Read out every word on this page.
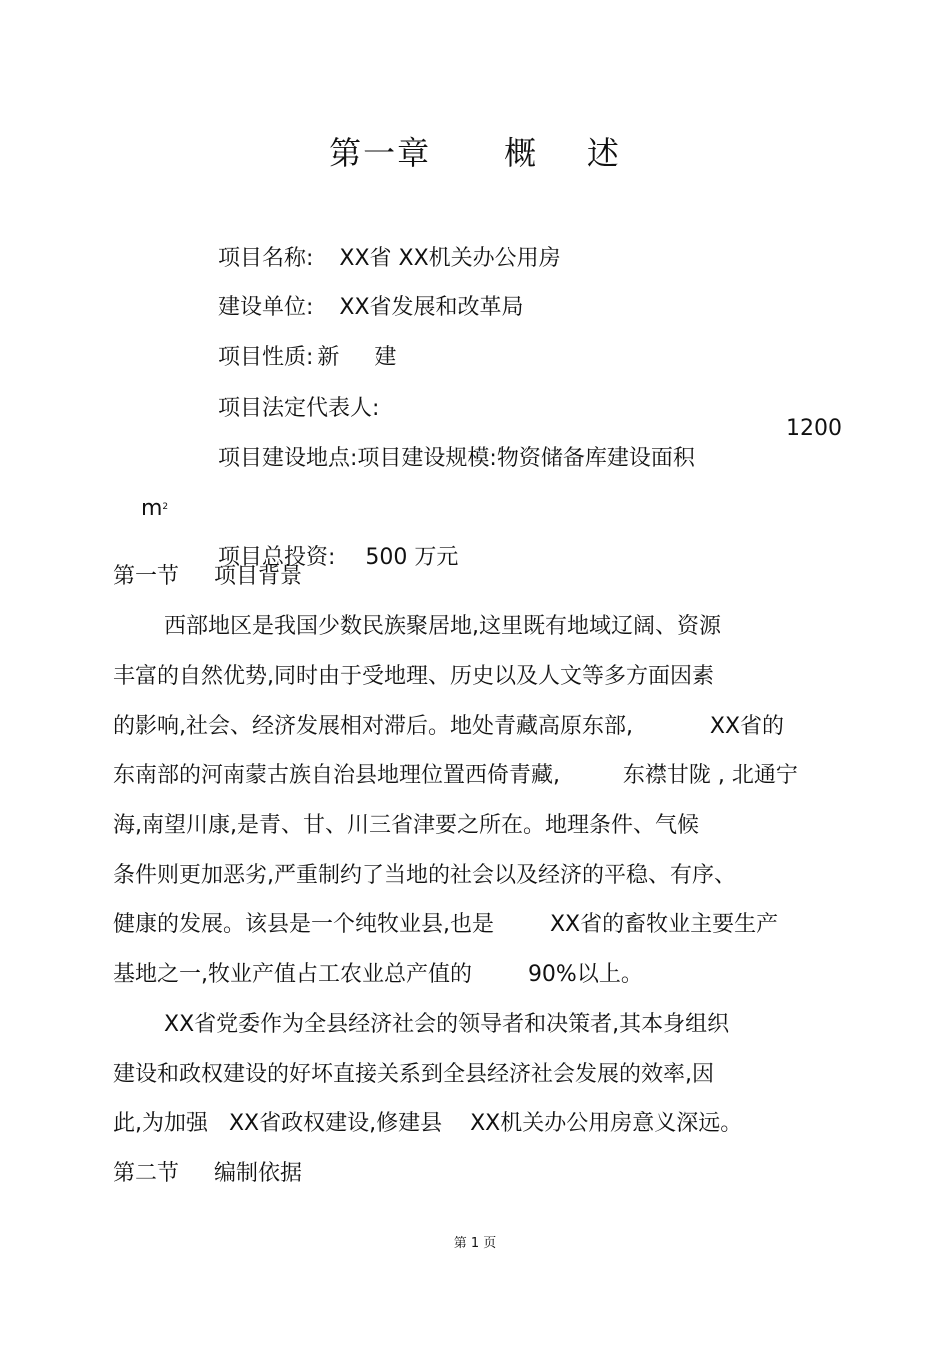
第一章      概    述

项目名称: XX省 XX机关办公用房

建设单位: XX省发展和改革局

项目性质: 新     建

项目法定代表人:

项目建设地点:项目建设规模:物资储备库建设面积

1200

$m^2$

项目总投资: 500 万元

第一节     项目背景
西部地区是我国少数民族聚居地,这里既有地域辽阔、资源
丰富的自然优势,同时由于受地理、历史以及人文等多方面因素
的影响,社会、经济发展相对滞后。地处青藏高原东部,           XX省的
东南部的河南蒙古族自治县地理位置西倚青藏,         东襟甘陇 , 北通宁
海,南望川康,是青、甘、川三省津要之所在。地理条件、气候
条件则更加恶劣,严重制约了当地的社会以及经济的平稳、有序、
健康的发展。该县是一个纯牧业县,也是        XX省的畜牧业主要生产
基地之一,牧业产值占工农业总产值的        90%以上。
XX省党委作为全县经济社会的领导者和决策者,其本身组织
建设和政权建设的好坏直接关系到全县经济社会发展的效率,因
此,为加强   XX省政权建设,修建县    XX机关办公用房意义深远。
第二节     编制依据
第 1 页
